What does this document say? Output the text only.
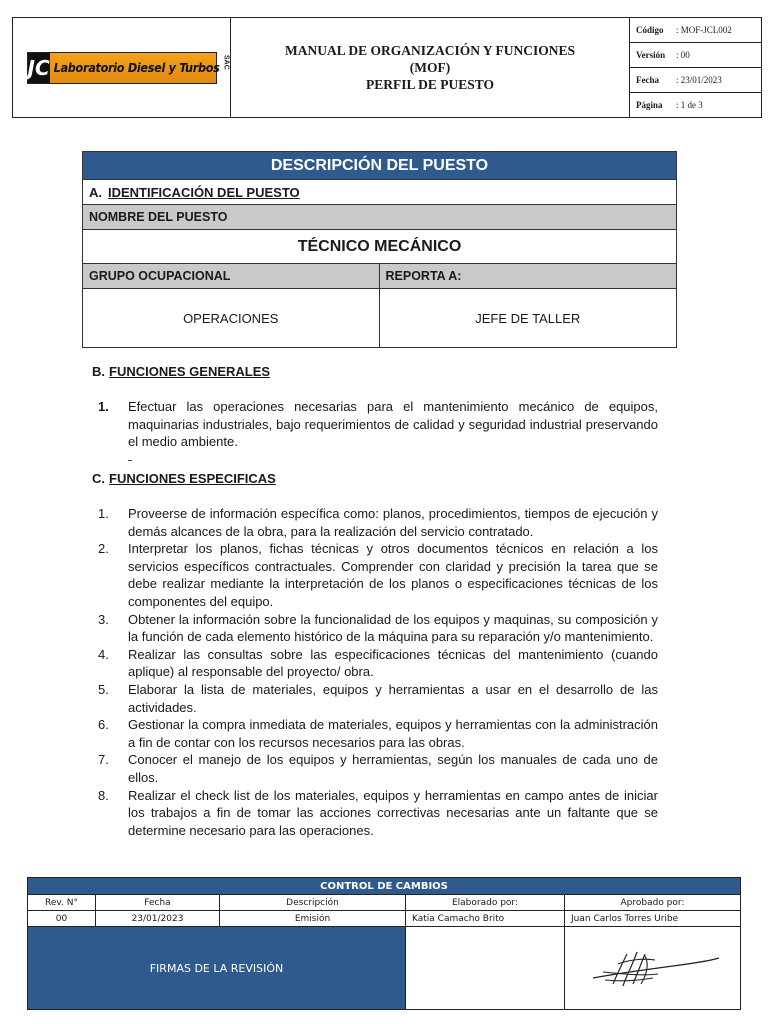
JC Laboratorio Diesel y Turbos SAC
MANUAL DE ORGANIZACIÓN Y FUNCIONES
(MOF)
PERFIL DE PUESTO
Código	: MOF-JCL002
Versión	: 00
Fecha	: 23/01/2023
Página	: 1 de 3
DESCRIPCIÓN DEL PUESTO
A. IDENTIFICACIÓN DEL PUESTO
NOMBRE DEL PUESTO
TÉCNICO MECÁNICO
GRUPO OCUPACIONAL	REPORTA A:
OPERACIONES	JEFE DE TALLER
B. FUNCIONES GENERALES
1.	Efectuar las operaciones necesarias para el mantenimiento mecánico de equipos, maquinarias industriales, bajo requerimientos de calidad y seguridad industrial preservando el medio ambiente.
C. FUNCIONES ESPECIFICAS
1.	Proveerse de información específica como: planos, procedimientos, tiempos de ejecución y demás alcances de la obra, para la realización del servicio contratado.
2.	Interpretar los planos, fichas técnicas y otros documentos técnicos en relación a los servicios específicos contractuales. Comprender con claridad y precisión la tarea que se debe realizar mediante la interpretación de los planos o especificaciones técnicas de los componentes del equipo.
3.	Obtener la información sobre la funcionalidad de los equipos y maquinas, su composición y la función de cada elemento histórico de la máquina para su reparación y/o mantenimiento.
4.	Realizar las consultas sobre las especificaciones técnicas del mantenimiento (cuando aplique) al responsable del proyecto/ obra.
5.	Elaborar la lista de materiales, equipos y herramientas a usar en el desarrollo de las actividades.
6.	Gestionar la compra inmediata de materiales, equipos y herramientas con la administración a fin de contar con los recursos necesarios para las obras.
7.	Conocer el manejo de los equipos y herramientas, según los manuales de cada uno de ellos.
8.	Realizar el check list de los materiales, equipos y herramientas en campo antes de iniciar los trabajos a fin de tomar las acciones correctivas necesarias ante un faltante que se determine necesario para las operaciones.
CONTROL DE CAMBIOS
Rev. N°	Fecha	Descripción	Elaborado por:	Aprobado por:
00	23/01/2023	Emisión	Katia Camacho Brito	Juan Carlos Torres Uribe
FIRMAS DE LA REVISIÓN
